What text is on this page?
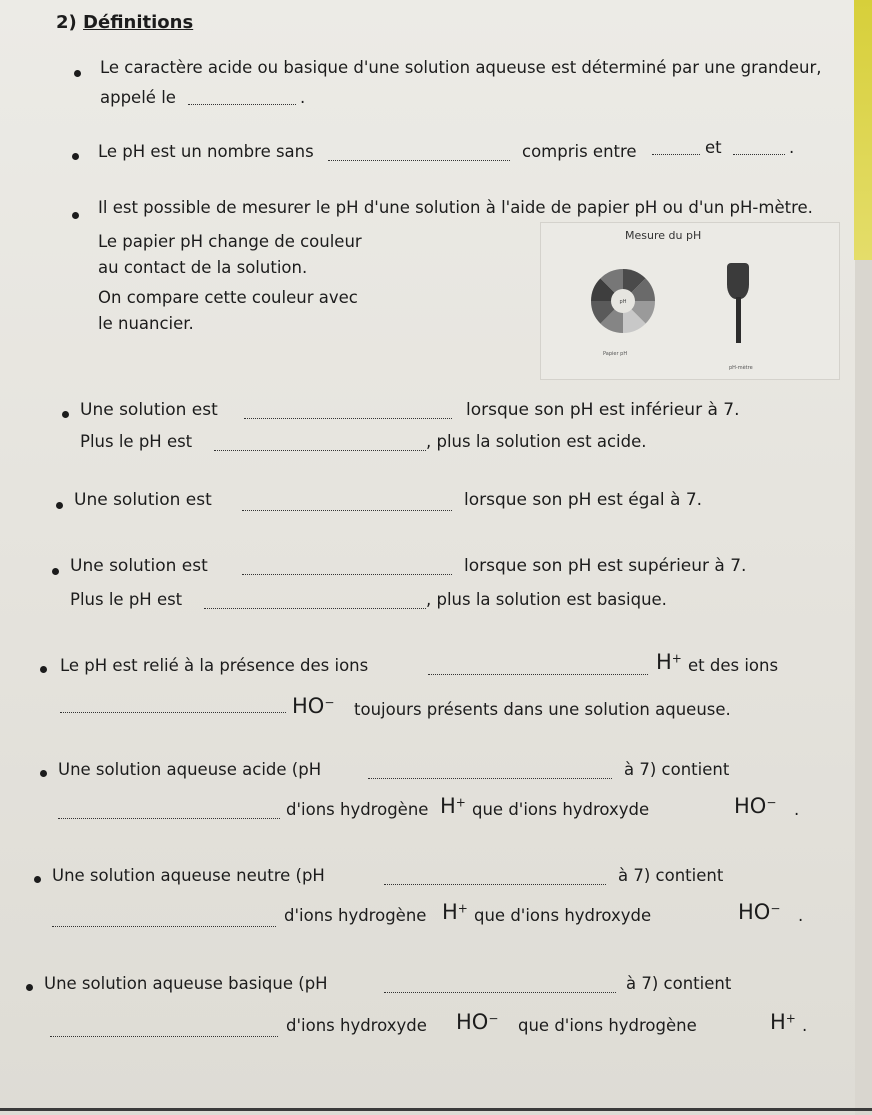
2) Définitions
Le caractère acide ou basique d'une solution aqueuse est déterminé par une grandeur,
appelé le	.
Le pH est un nombre sans	compris entre	et	.
Il est possible de mesurer le pH d'une solution à l'aide de papier pH ou d'un pH-mètre.
Le papier pH change de couleur
au contact de la solution.
On compare cette couleur avec
le nuancier.
Mesure du pH
pH
Papier pH
pH-mètre
Une solution est	lorsque son pH est inférieur à 7.
Plus le pH est	, plus la solution est acide.
Une solution est	lorsque son pH est égal à 7.
Une solution est	lorsque son pH est supérieur à 7.
Plus le pH est	, plus la solution est basique.
Le pH est relié à la présence des ions	H+ et des ions
HO− toujours présents dans une solution aqueuse.
Une solution aqueuse acide (pH	à 7) contient
d'ions hydrogène H+ que d'ions hydroxyde	HO− .
Une solution aqueuse neutre (pH	à 7) contient
d'ions hydrogène H+ que d'ions hydroxyde	HO− .
Une solution aqueuse basique (pH	à 7) contient
d'ions hydroxyde HO− que d'ions hydrogène	H+ .
